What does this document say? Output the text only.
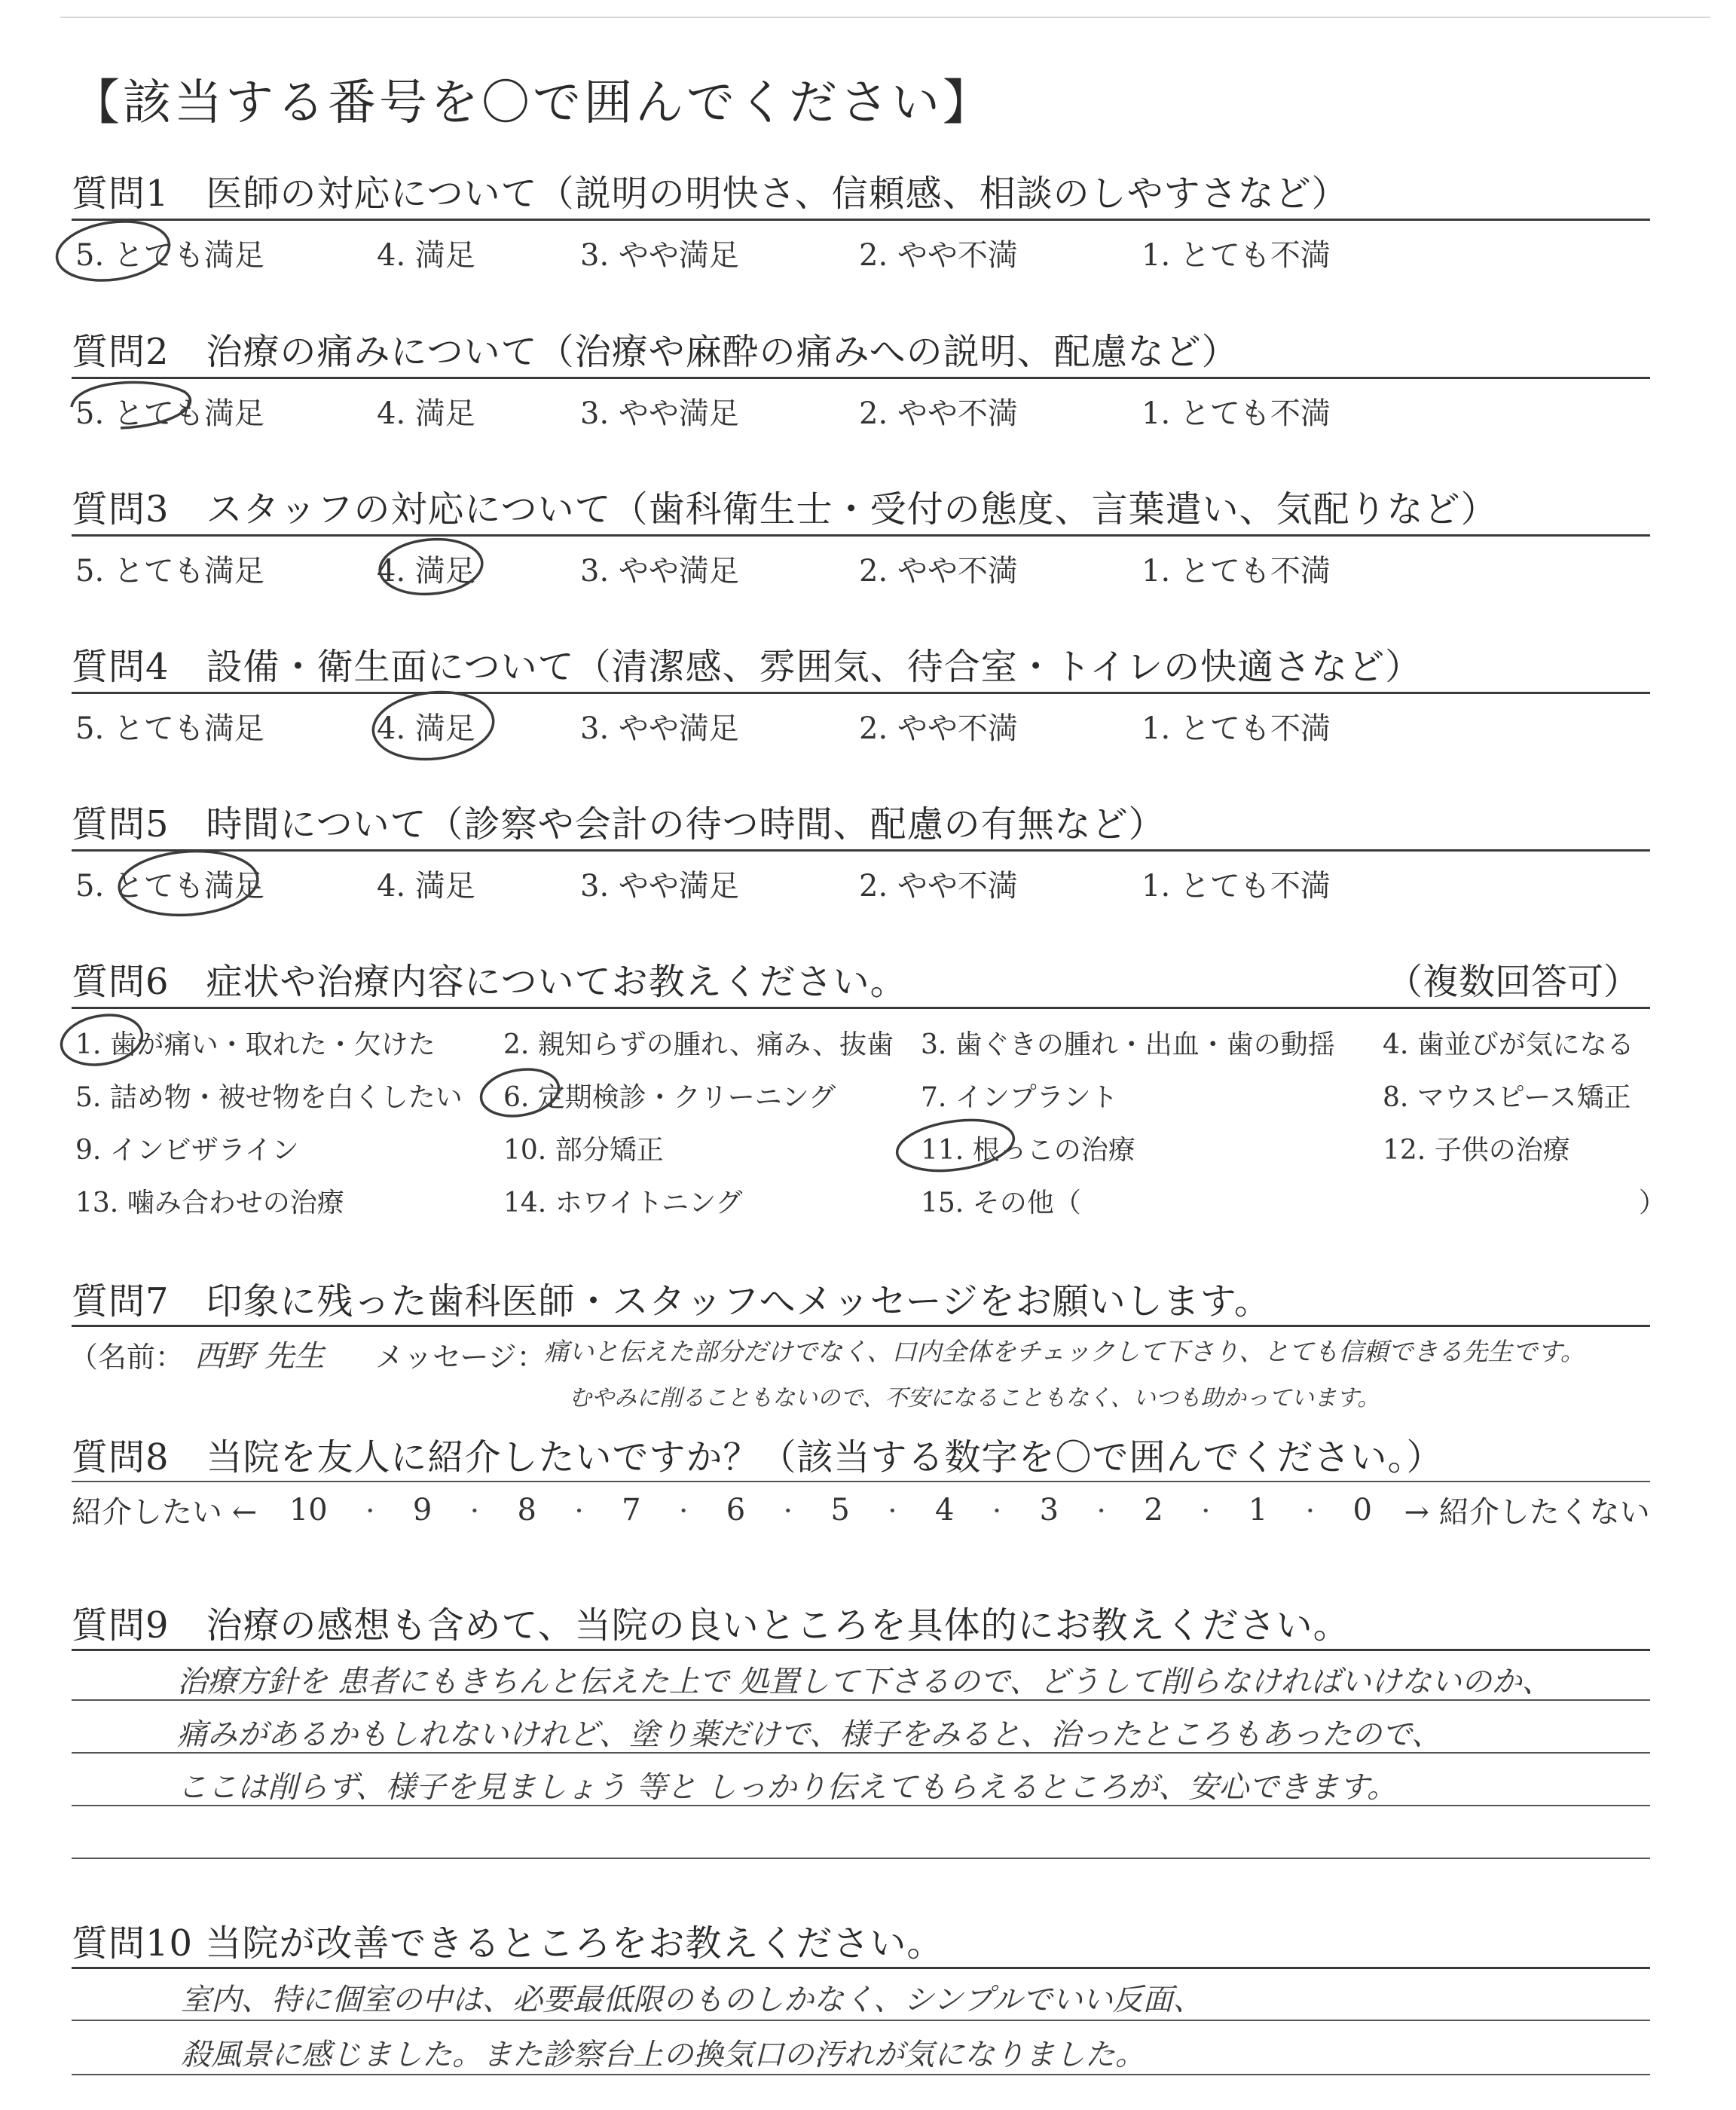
【該当する番号を〇で囲んでください】
質問1　医師の対応について（説明の明快さ、信頼感、相談のしやすさなど）
5. とても満足	4. 満足	3. やや満足	2. やや不満	1. とても不満
質問2　治療の痛みについて（治療や麻酔の痛みへの説明、配慮など）
5. とても満足	4. 満足	3. やや満足	2. やや不満	1. とても不満
質問3　スタッフの対応について（歯科衛生士・受付の態度、言葉遣い、気配りなど）
5. とても満足	4. 満足	3. やや満足	2. やや不満	1. とても不満
質問4　設備・衛生面について（清潔感、雰囲気、待合室・トイレの快適さなど）
5. とても満足	4. 満足	3. やや満足	2. やや不満	1. とても不満
質問5　時間について（診察や会計の待つ時間、配慮の有無など）
5. とても満足	4. 満足	3. やや満足	2. やや不満	1. とても不満
質問6　症状や治療内容についてお教えください。	（複数回答可）
1. 歯が痛い・取れた・欠けた	2. 親知らずの腫れ、痛み、抜歯 3. 歯ぐきの腫れ・出血・歯の動揺 4. 歯並びが気になる
5. 詰め物・被せ物を白くしたい 6. 定期検診・クリーニング	7. インプラント	8. マウスピース矯正
9. インビザライン	10. 部分矯正	11. 根っこの治療	12. 子供の治療
13. 噛み合わせの治療	14. ホワイトニング	15. その他（	）
質問7　印象に残った歯科医師・スタッフへメッセージをお願いします。
（名前： 西野 先生 メッセージ：
痛いと伝えた部分だけでなく、口内全体をチェックして下さり、とても信頼できる先生です。
むやみに削ることもないので、不安になることもなく、いつも助かっています。
質問8　当院を友人に紹介したいですか？（該当する数字を〇で囲んでください。）
紹介したい ← 10 ・ 9 ・ 8 ・ 7 ・ 6 ・ 5 ・ 4 ・ 3 ・ 2 ・ 1 ・ 0 → 紹介したくない
質問9　治療の感想も含めて、当院の良いところを具体的にお教えください。
治療方針を 患者にもきちんと伝えた上で 処置して下さるので、どうして削らなければいけないのか、
痛みがあるかもしれないけれど、塗り薬だけで、様子をみると、治ったところもあったので、
ここは削らず、様子を見ましょう 等と しっかり伝えてもらえるところが、安心できます。
質問10 当院が改善できるところをお教えください。
室内、特に個室の中は、必要最低限のものしかなく、シンプルでいい反面、
殺風景に感じました。また診察台上の換気口の汚れが気になりました。
